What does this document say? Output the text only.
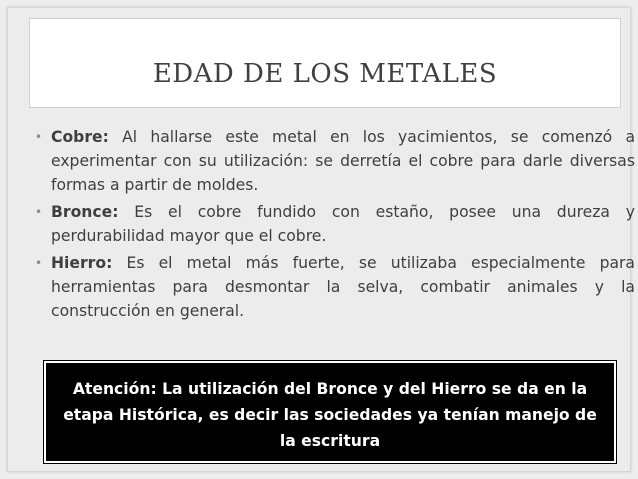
EDAD DE LOS METALES
• Cobre: Al hallarse este metal en los yacimientos, se comenzó a experimentar con su utilización: se derretía el cobre para darle diversas formas a partir de moldes.
• Bronce: Es el cobre fundido con estaño, posee una dureza y perdurabilidad mayor que el cobre.
• Hierro: Es el metal más fuerte, se utilizaba especialmente para herramientas para desmontar la selva, combatir animales y la construcción en general.
Atención: La utilización del Bronce y del Hierro se da en la etapa Histórica, es decir las sociedades ya tenían manejo de la escritura
